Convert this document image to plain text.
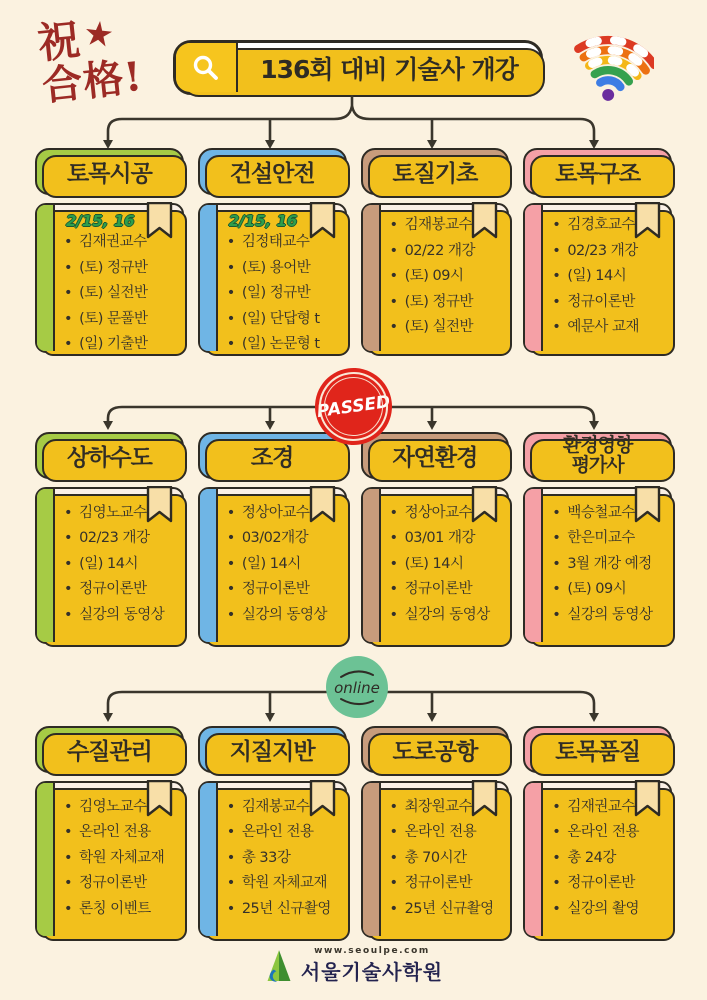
祝★
合格!	136회 대비 기술사 개강
토목시공
2/15, 16
• 김재권교수
• (토) 정규반
• (토) 실전반
• (토) 문풀반
• (일) 기출반
건설안전
2/15, 16
• 김정태교수
• (토) 용어반
• (일) 정규반
• (일) 단답형 t
• (일) 논문형 t
토질기초
• 김재봉교수
• 02/22 개강
• (토) 09시
• (토) 정규반
• (토) 실전반
토목구조
• 김경호교수
• 02/23 개강
• (일) 14시
• 정규이론반
• 예문사 교재
PASSED
상하수도
• 김영노교수
• 02/23 개강
• (일) 14시
• 정규이론반
• 실강의 동영상
조경
• 정상아교수
• 03/02개강
• (일) 14시
• 정규이론반
• 실강의 동영상
자연환경
• 정상아교수
• 03/01 개강
• (토) 14시
• 정규이론반
• 실강의 동영상
환경영향
평가사
• 백승철교수
• 한은미교수
• 3월 개강 예정
• (토) 09시
• 실강의 동영상
online
수질관리
• 김영노교수
• 온라인 전용
• 학원 자체교재
• 정규이론반
• 론칭 이벤트
지질지반
• 김재봉교수
• 온라인 전용
• 총 33강
• 학원 자체교재
• 25년 신규촬영
도로공항
• 최장원교수
• 온라인 전용
• 총 70시간
• 정규이론반
• 25년 신규촬영
토목품질
• 김재권교수
• 온라인 전용
• 총 24강
• 정규이론반
• 실강의 촬영
www.seoulpe.com
서울기술사학원
